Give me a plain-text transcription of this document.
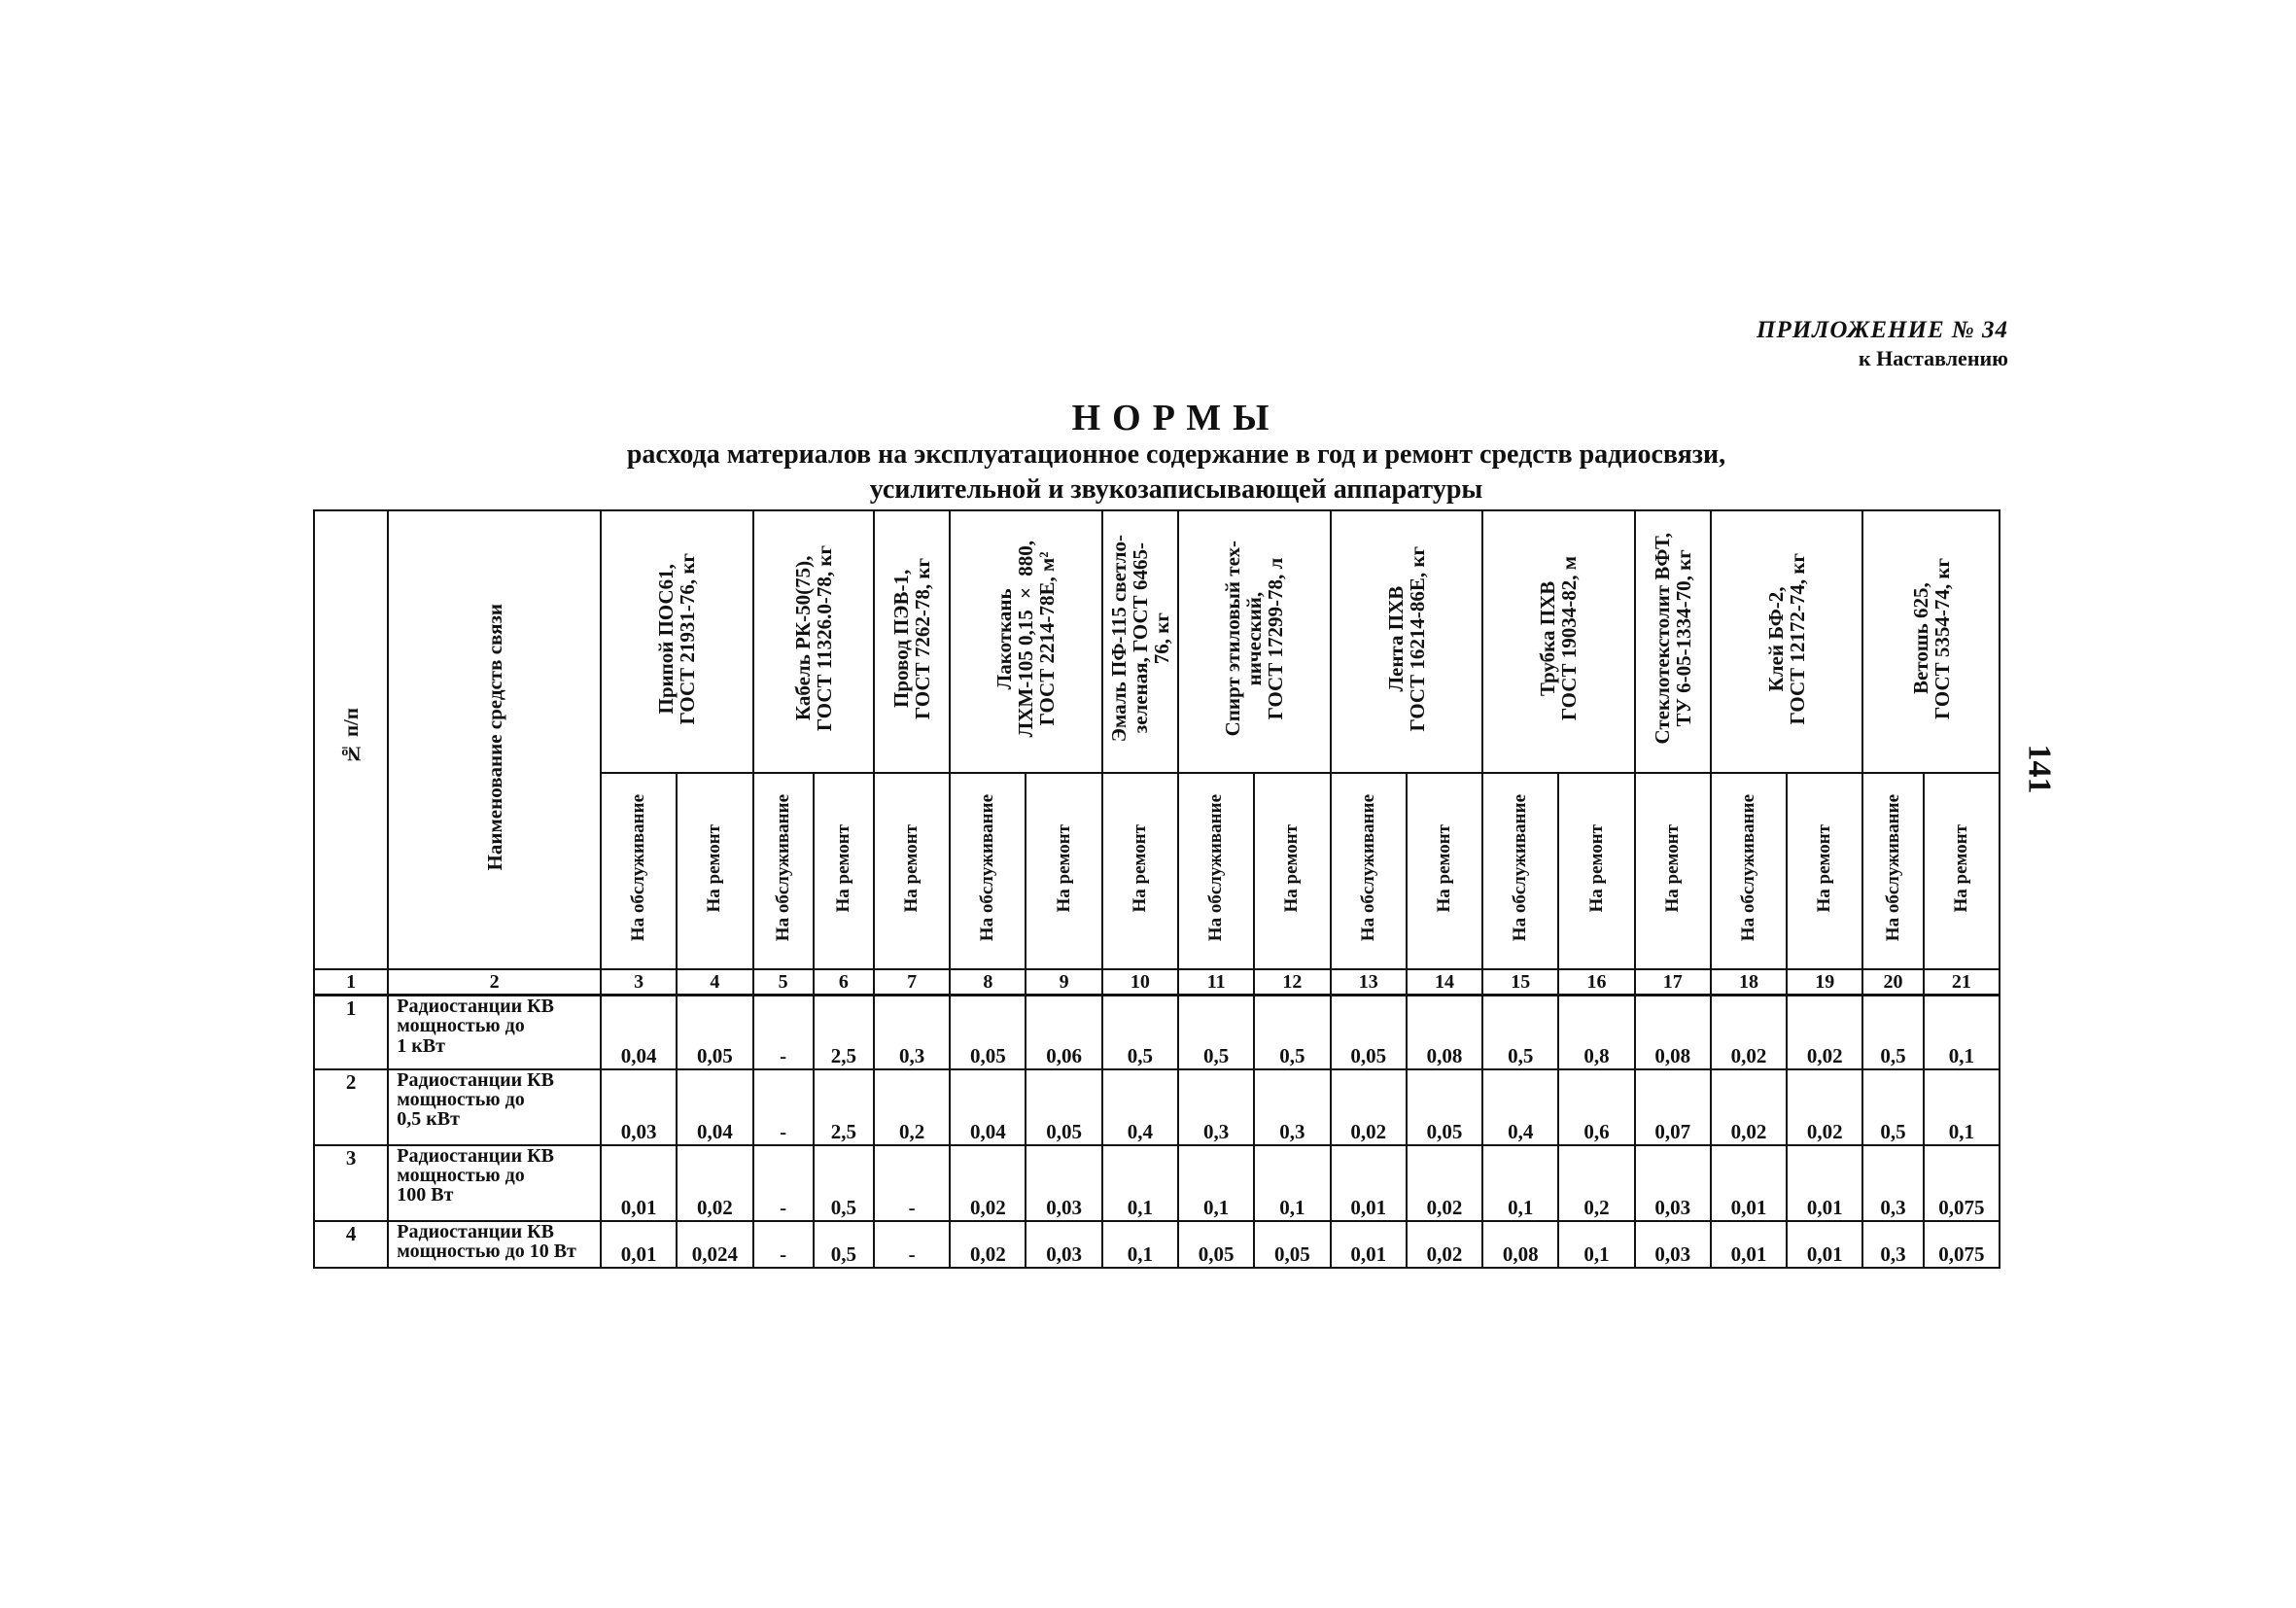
ПРИЛОЖЕНИЕ № 34
к Наставлению
НОРМЫ
расхода материалов на эксплуатационное содержание в год и ремонт средств радиосвязи,
усилительной и звукозаписывающей аппаратуры
141
№ п/п	Наименование средств связи	Припой ПОС61,
ГОСТ 21931-76, кг		Кабель РК-50(75),
ГОСТ 11326.0-78, кг		Провод ПЭВ-1,
ГОСТ 7262-78, кг	Лакоткань
ЛХМ-105 0,15 × 880,
ГОСТ 2214-78Е, м²		Эмаль ПФ-115 светло-
зеленая, ГОСТ 6465-
76, кг	Спирт этиловый тех-
нический,
ГОСТ 17299-78, л		Лента ПХВ
ГОСТ 16214-86Е, кг		Трубка ПХВ
ГОСТ 19034-82, м		Стеклотекстолит ВФТ,
ТУ 6-05-1334-70, кг	Клей БФ-2,
ГОСТ 12172-74, кг		Ветошь 625,
ГОСТ 5354-74, кг	
		На обслуживание	На ремонт	На обслуживание	На ремонт	На ремонт	На обслуживание	На ремонт	На ремонт	На обслуживание	На ремонт	На обслуживание	На ремонт	На обслуживание	На ремонт	На ремонт	На обслуживание	На ремонт	На обслуживание	На ремонт
1	2	3	4	5	6	7	8	9	10	11	12	13	14	15	16	17	18	19	20	21
1	Радиостанции КВ
мощностью до
1 кВт	0,04	0,05	-	2,5	0,3	0,05	0,06	0,5	0,5	0,5	0,05	0,08	0,5	0,8	0,08	0,02	0,02	0,5	0,1
2	Радиостанции КВ
мощностью до
0,5 кВт	0,03	0,04	-	2,5	0,2	0,04	0,05	0,4	0,3	0,3	0,02	0,05	0,4	0,6	0,07	0,02	0,02	0,5	0,1
3	Радиостанции КВ
мощностью до
100 Вт	0,01	0,02	-	0,5	-	0,02	0,03	0,1	0,1	0,1	0,01	0,02	0,1	0,2	0,03	0,01	0,01	0,3	0,075
4	Радиостанции КВ
мощностью до 10 Вт	0,01	0,024	-	0,5	-	0,02	0,03	0,1	0,05	0,05	0,01	0,02	0,08	0,1	0,03	0,01	0,01	0,3	0,075
